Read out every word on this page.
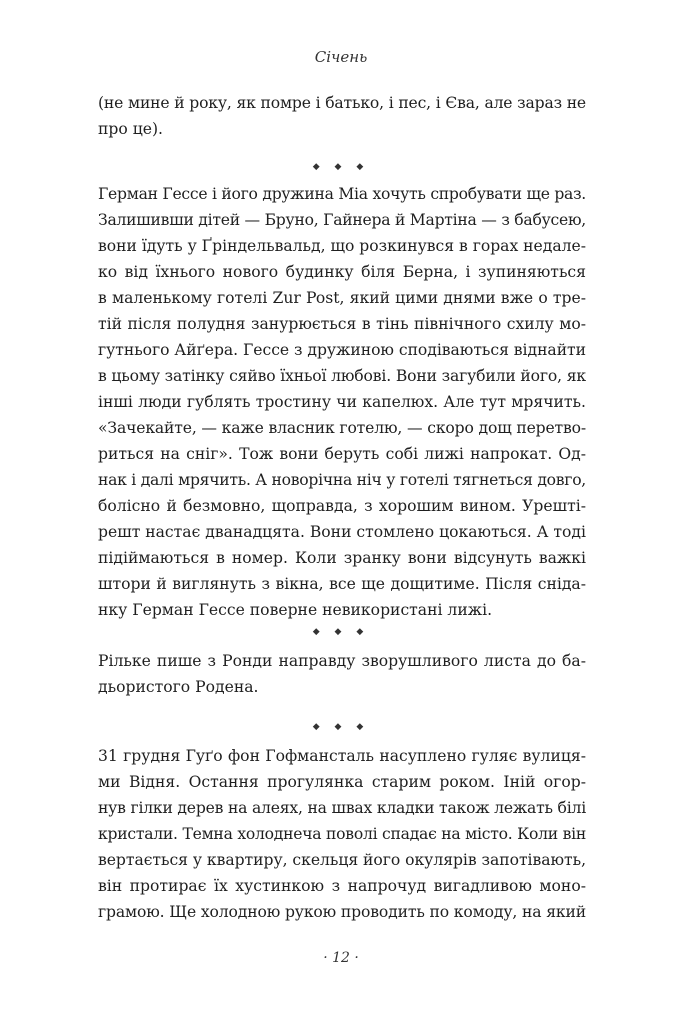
Січень
(не мине й року, як помре і батько, і пес, і Єва, але зараз не
про це).
◆ ◆ ◆
Герман Гессе і його дружина Міа хочуть спробувати ще раз.
Залишивши дітей — Бруно, Гайнера й Мартіна — з бабусею,
вони їдуть у Ґріндельвальд, що розкинувся в горах недале-
ко від їхнього нового будинку біля Берна, і зупиняються
в маленькому готелі Zur Post, який цими днями вже о тре-
тій після полудня занурюється в тінь північного схилу мо-
гутнього Айґера. Гессе з дружиною сподіваються віднайти
в цьому затінку сяйво їхньої любові. Вони загубили його, як
інші люди гублять тростину чи капелюх. Але тут мрячить.
«Зачекайте, — каже власник готелю, — скоро дощ перетво-
риться на сніг». Тож вони беруть собі лижі напрокат. Од-
нак і далі мрячить. А новорічна ніч у готелі тягнеться довго,
болісно й безмовно, щоправда, з хорошим вином. Урешті-
решт настає дванадцята. Вони стомлено цокаються. А тоді
підіймаються в номер. Коли зранку вони відсунуть важкі
штори й виглянуть з вікна, все ще дощитиме. Після сніда-
нку Герман Гессе поверне невикористані лижі.
◆ ◆ ◆
Рільке пише з Ронди направду зворушливого листа до ба-
дьористого Родена.
◆ ◆ ◆
31 грудня Гуґо фон Гофмансталь насуплено гуляє вулиця-
ми Відня. Остання прогулянка старим роком. Іній огор-
нув гілки дерев на алеях, на швах кладки також лежать білі
кристали. Темна холоднеча поволі спадає на місто. Коли він
вертається у квартиру, скельця його окулярів запотівають,
він протирає їх хустинкою з напрочуд вигадливою моно-
грамою. Ще холодною рукою проводить по комоду, на який
· 12 ·
